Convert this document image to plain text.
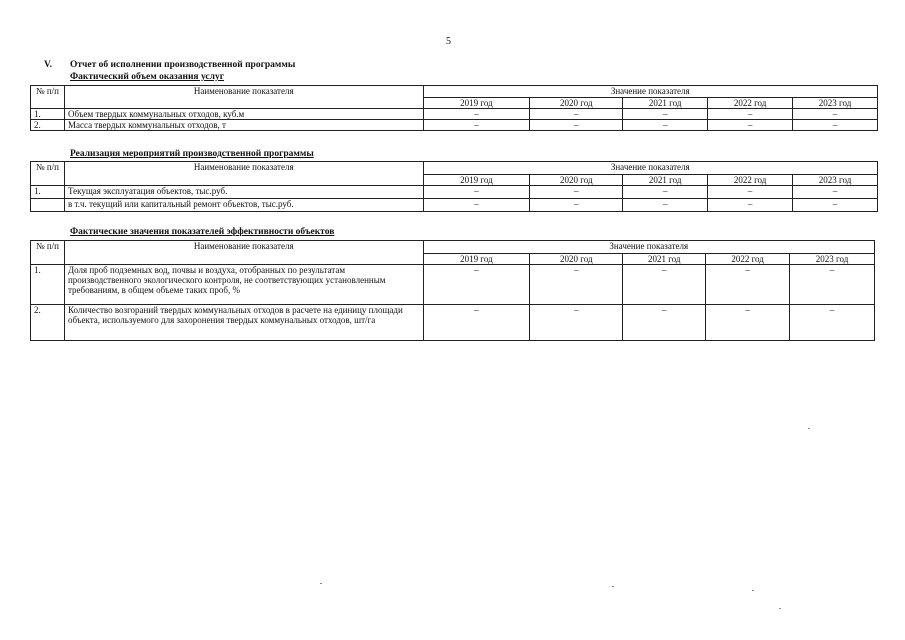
5
V. Отчет об исполнении производственной программы
Фактический объем оказания услуг
№ п/п	Наименование показателя	Значение показателя				
		2019 год	2020 год	2021 год	2022 год	2023 год
1.	Объем твердых коммунальных отходов, куб.м	–	–	–	–	–
2.	Масса твердых коммунальных отходов, т	–	–	–	–	–
Реализация мероприятий производственной программы
№ п/п	Наименование показателя	Значение показателя				
		2019 год	2020 год	2021 год	2022 год	2023 год
1.	Текущая эксплуатация объектов, тыс.руб.	–	–	–	–	–
	в т.ч. текущий или капитальный ремонт объектов, тыс.руб.	–	–	–	–	–
Фактические значения показателей эффективности объектов
№ п/п	Наименование показателя	Значение показателя				
		2019 год	2020 год	2021 год	2022 год	2023 год
1.	Доля проб подземных вод, почвы и воздуха, отобранных по результатам производственного экологического контроля, не соответствующих установленным требованиям, в общем объеме таких проб, %	–	–	–	–	–
2.	Количество возгораний твердых коммунальных отходов в расчете на единицу площади объекта, используемого для захоронения твердых коммунальных отходов, шт/га	–	–	–	–	–
